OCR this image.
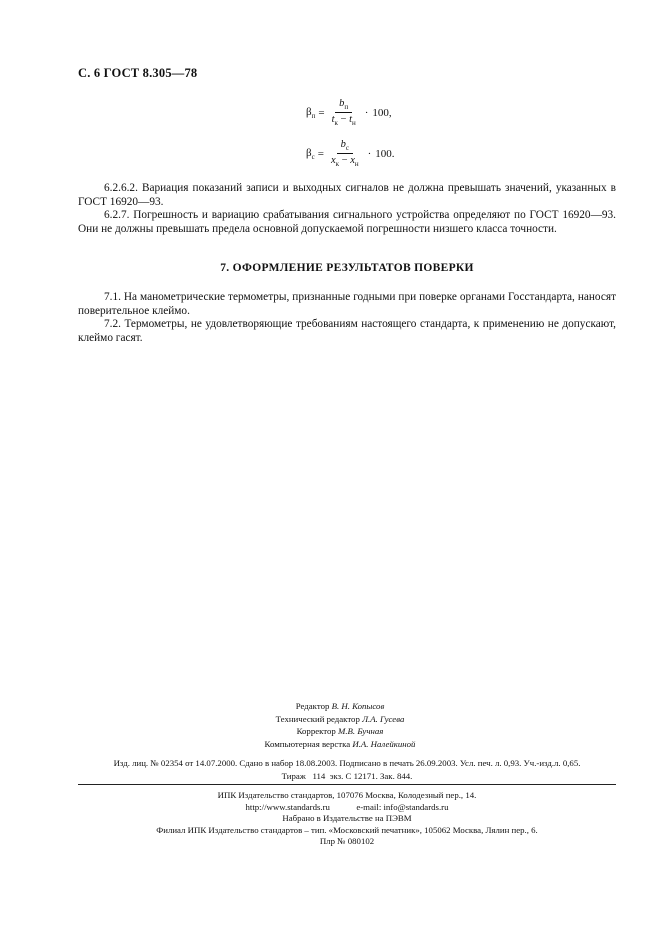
С. 6 ГОСТ 8.305—78
$\beta_п = \frac{b_п}{t_к - t_н} \cdot 100$,
$\beta_с = \frac{b_с}{x_к - x_н} \cdot 100$.

6.2.6.2. Вариация показаний записи и выходных сигналов не должна превышать значений, указанных в ГОСТ 16920—93.

6.2.7. Погрешность и вариацию срабатывания сигнального устройства определяют по ГОСТ 16920—93. Они не должны превышать предела основной допускаемой погрешности низшего класса точности.

7. ОФОРМЛЕНИЕ РЕЗУЛЬТАТОВ ПОВЕРКИ

7.1. На манометрические термометры, признанные годными при поверке органами Госстандарта, наносят поверительное клеймо.

7.2. Термометры, не удовлетворяющие требованиям настоящего стандарта, к применению не допускают, клеймо гасят.

Редактор В. Н. Копысов
Технический редактор Л.А. Гусева
Корректор М.В. Бучная
Компьютерная верстка И.А. Налейкиной
Изд. лиц. № 02354 от 14.07.2000. Сдано в набор 18.08.2003. Подписано в печать 26.09.2003. Усл. печ. л. 0,93. Уч.-изд.л. 0,65.
Тираж   114  экз. С 12171. Зак. 844.
ИПК Издательство стандартов, 107076 Москва, Колодезный пер., 14.
http://www.standards.ru            e-mail: info@standards.ru
Набрано в Издательстве на ПЭВМ
Филиал ИПК Издательство стандартов – тип. «Московский печатник», 105062 Москва, Лялин пер., 6.
Плр № 080102
